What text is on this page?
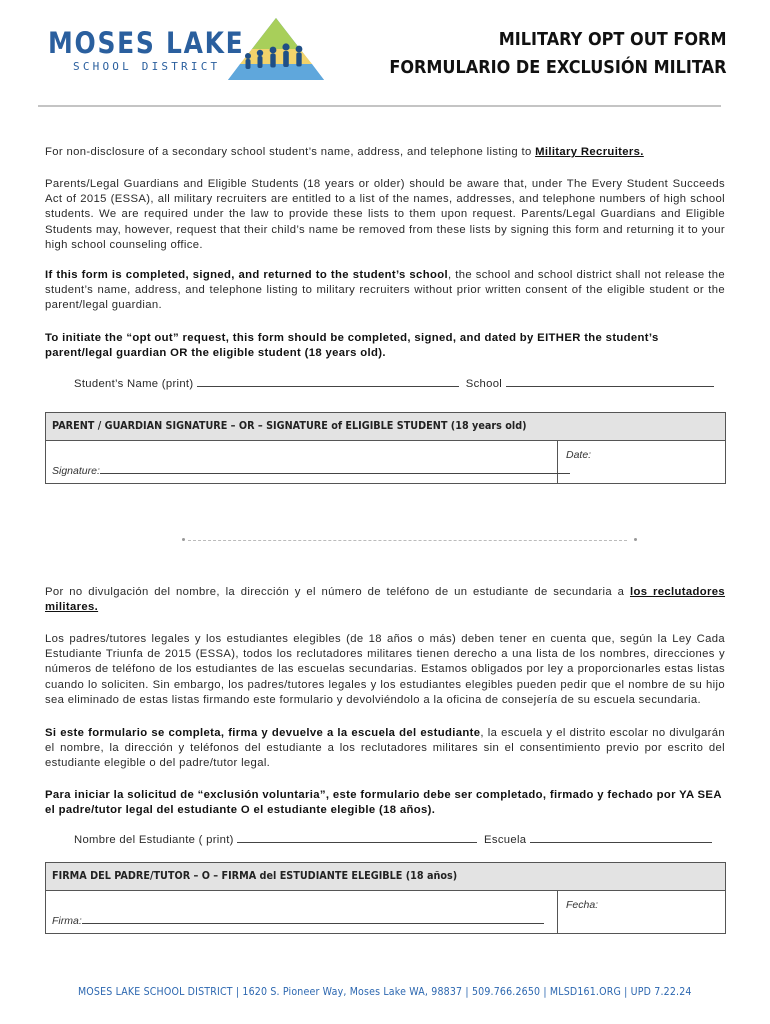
MOSES LAKE
SCHOOL DISTRICT
MILITARY OPT OUT FORM
FORMULARIO DE EXCLUSIÓN MILITAR
For non-disclosure of a secondary school student’s name, address, and telephone listing to Military Recruiters.
Parents/Legal Guardians and Eligible Students (18 years or older) should be aware that, under The Every Student Succeeds Act of 2015 (ESSA), all military recruiters are entitled to a list of the names, addresses, and telephone numbers of high school students. We are required under the law to provide these lists to them upon request. Parents/Legal Guardians and Eligible Students may, however, request that their child’s name be removed from these lists by signing this form and returning it to your high school counseling office.
If this form is completed, signed, and returned to the student’s school, the school and school district shall not release the student’s name, address, and telephone listing to military recruiters without prior written consent of the eligible student or the parent/legal guardian.
To initiate the “opt out” request, this form should be completed, signed, and dated by EITHER the student’s parent/legal guardian OR the eligible student (18 years old).
Student’s Name (print)	School
PARENT / GUARDIAN SIGNATURE – OR – SIGNATURE of ELIGIBLE STUDENT (18 years old)
Signature:
Date:
Por no divulgación del nombre, la dirección y el número de teléfono de un estudiante de secundaria a los reclutadores militares.
Los padres/tutores legales y los estudiantes elegibles (de 18 años o más) deben tener en cuenta que, según la Ley Cada Estudiante Triunfa de 2015 (ESSA), todos los reclutadores militares tienen derecho a una lista de los nombres, direcciones y números de teléfono de los estudiantes de las escuelas secundarias. Estamos obligados por ley a proporcionarles estas listas cuando lo soliciten. Sin embargo, los padres/tutores legales y los estudiantes elegibles pueden pedir que el nombre de su hijo sea eliminado de estas listas firmando este formulario y devolviéndolo a la oficina de consejería de su escuela secundaria.
Si este formulario se completa, firma y devuelve a la escuela del estudiante, la escuela y el distrito escolar no divulgarán el nombre, la dirección y teléfonos del estudiante a los reclutadores militares sin el consentimiento previo por escrito del estudiante elegible o del padre/tutor legal.
Para iniciar la solicitud de “exclusión voluntaria”, este formulario debe ser completado, firmado y fechado por YA SEA el padre/tutor legal del estudiante O el estudiante elegible (18 años).
Nombre del Estudiante ( print)	Escuela
FIRMA DEL PADRE/TUTOR – O – FIRMA del ESTUDIANTE ELEGIBLE (18 años)
Firma:
Fecha:
MOSES LAKE SCHOOL DISTRICT | 1620 S. Pioneer Way, Moses Lake WA, 98837 | 509.766.2650 | MLSD161.ORG | UPD 7.22.24
